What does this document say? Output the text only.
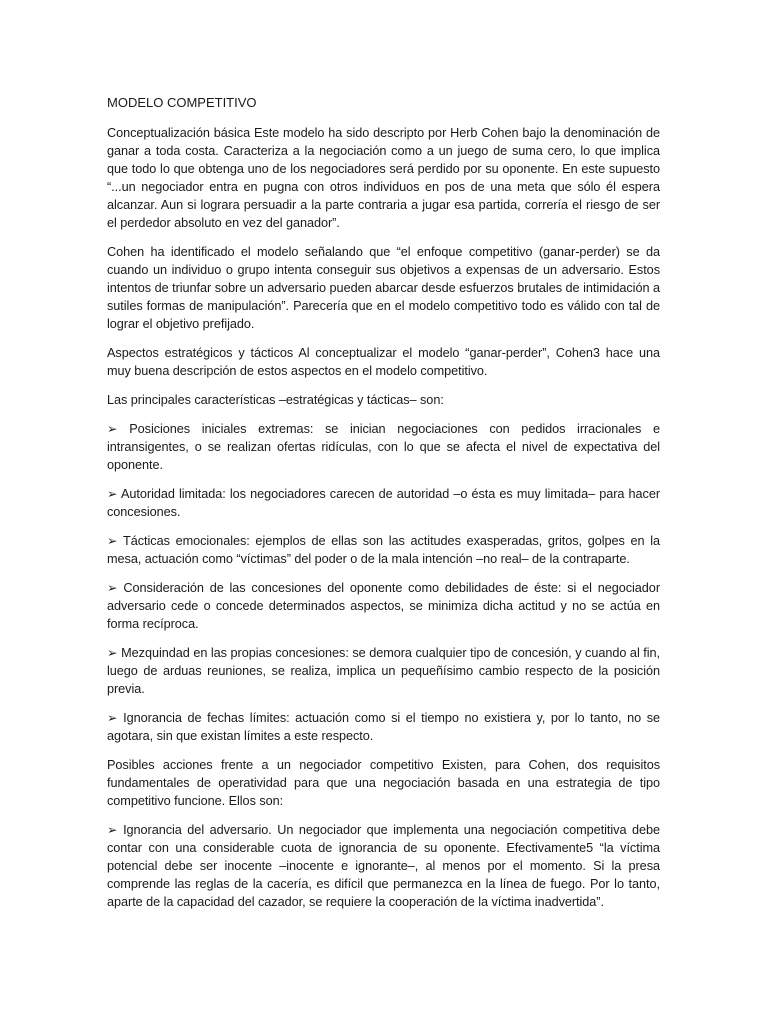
MODELO COMPETITIVO

Conceptualización básica Este modelo ha sido descripto por Herb Cohen bajo la denominación de ganar a toda costa. Caracteriza a la negociación como a un juego de suma cero, lo que implica que todo lo que obtenga uno de los negociadores será perdido por su oponente. En este supuesto “...un negociador entra en pugna con otros individuos en pos de una meta que sólo él espera alcanzar. Aun si lograra persuadir a la parte contraria a jugar esa partida, correría el riesgo de ser el perdedor absoluto en vez del ganador”.

Cohen ha identificado el modelo señalando que “el enfoque competitivo (ganar-perder) se da cuando un individuo o grupo intenta conseguir sus objetivos a expensas de un adversario. Estos intentos de triunfar sobre un adversario pueden abarcar desde esfuerzos brutales de intimidación a sutiles formas de manipulación”. Parecería que en el modelo competitivo todo es válido con tal de lograr el objetivo prefijado.

Aspectos estratégicos y tácticos Al conceptualizar el modelo “ganar-perder”, Cohen3 hace una muy buena descripción de estos aspectos en el modelo competitivo.

Las principales características –estratégicas y tácticas– son:

➢ Posiciones iniciales extremas: se inician negociaciones con pedidos irracionales e intransigentes, o se realizan ofertas ridículas, con lo que se afecta el nivel de expectativa del oponente.

➢ Autoridad limitada: los negociadores carecen de autoridad –o ésta es muy limitada– para hacer concesiones.

➢ Tácticas emocionales: ejemplos de ellas son las actitudes exasperadas, gritos, golpes en la mesa, actuación como “víctimas” del poder o de la mala intención –no real– de la contraparte.

➢ Consideración de las concesiones del oponente como debilidades de éste: si el negociador adversario cede o concede determinados aspectos, se minimiza dicha actitud y no se actúa en forma recíproca.

➢ Mezquindad en las propias concesiones: se demora cualquier tipo de concesión, y cuando al fin, luego de arduas reuniones, se realiza, implica un pequeñísimo cambio respecto de la posición previa.

➢ Ignorancia de fechas límites: actuación como si el tiempo no existiera y, por lo tanto, no se agotara, sin que existan límites a este respecto.

Posibles acciones frente a un negociador competitivo Existen, para Cohen, dos requisitos fundamentales de operatividad para que una negociación basada en una estrategia de tipo competitivo funcione. Ellos son:

➢ Ignorancia del adversario. Un negociador que implementa una negociación competitiva debe contar con una considerable cuota de ignorancia de su oponente. Efectivamente5 “la víctima potencial debe ser inocente –inocente e ignorante–, al menos por el momento. Si la presa comprende las reglas de la cacería, es difícil que permanezca en la línea de fuego. Por lo tanto, aparte de la capacidad del cazador, se requiere la cooperación de la víctima inadvertida”.
